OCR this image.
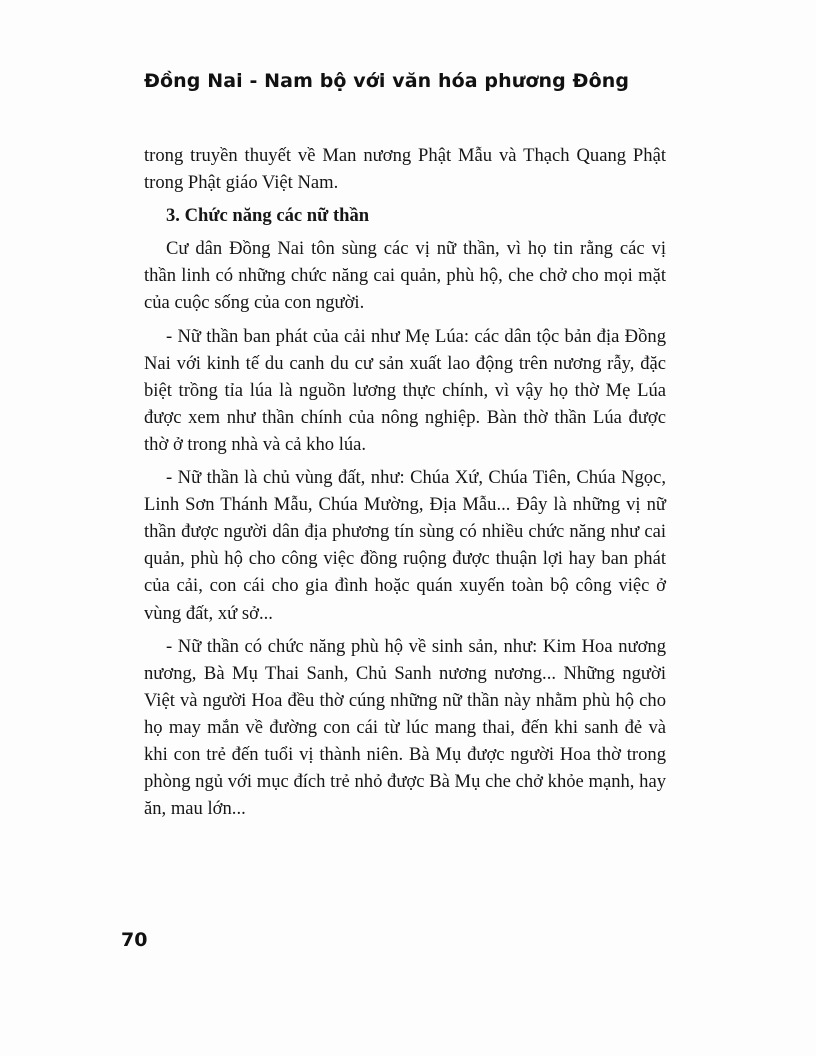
Đồng Nai - Nam bộ với văn hóa phương Đông

trong truyền thuyết về Man nương Phật Mẫu và Thạch Quang Phật trong Phật giáo Việt Nam.

3. Chức năng các nữ thần

Cư dân Đồng Nai tôn sùng các vị nữ thần, vì họ tin rằng các vị thần linh có những chức năng cai quản, phù hộ, che chở cho mọi mặt của cuộc sống của con người.

- Nữ thần ban phát của cải như Mẹ Lúa: các dân tộc bản địa Đồng Nai với kinh tế du canh du cư sản xuất lao động trên nương rẫy, đặc biệt trồng tỉa lúa là nguồn lương thực chính, vì vậy họ thờ Mẹ Lúa được xem như thần chính của nông nghiệp. Bàn thờ thần Lúa được thờ ở trong nhà và cả kho lúa.

- Nữ thần là chủ vùng đất, như: Chúa Xứ, Chúa Tiên, Chúa Ngọc, Linh Sơn Thánh Mẫu, Chúa Mường, Địa Mẫu... Đây là những vị nữ thần được người dân địa phương tín sùng có nhiều chức năng như cai quản, phù hộ cho công việc đồng ruộng được thuận lợi hay ban phát của cải, con cái cho gia đình hoặc quán xuyến toàn bộ công việc ở vùng đất, xứ sở...

- Nữ thần có chức năng phù hộ về sinh sản, như: Kim Hoa nương nương, Bà Mụ Thai Sanh, Chủ Sanh nương nương... Những người Việt và người Hoa đều thờ cúng những nữ thần này nhằm phù hộ cho họ may mắn về đường con cái từ lúc mang thai, đến khi sanh đẻ và khi con trẻ đến tuổi vị thành niên. Bà Mụ được người Hoa thờ trong phòng ngủ với mục đích trẻ nhỏ được Bà Mụ che chở khỏe mạnh, hay ăn, mau lớn...

70
